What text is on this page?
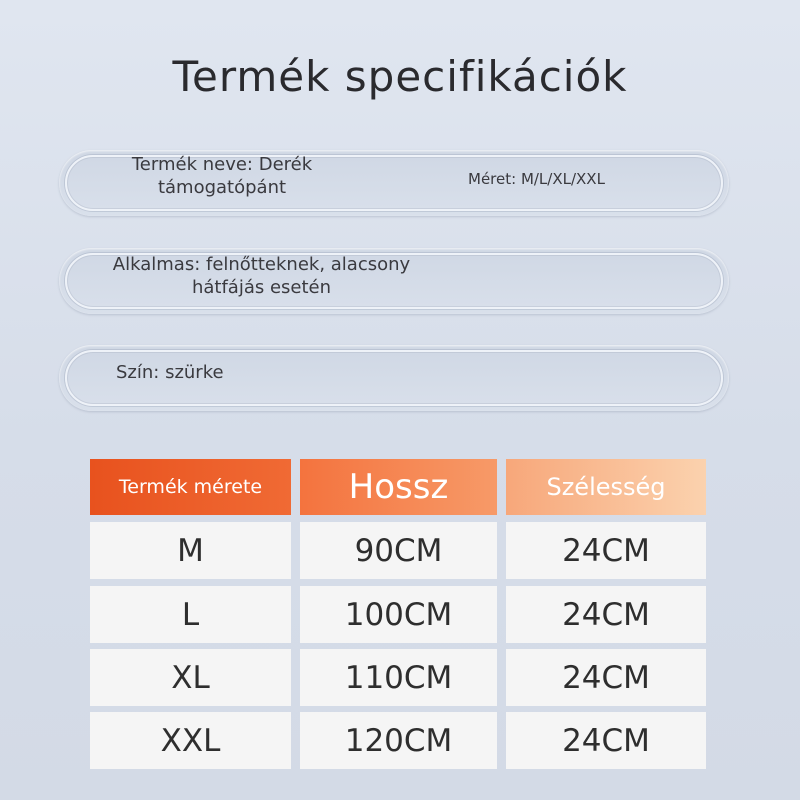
Termék specifikációk
Termék neve: Derék
támogatópánt	Méret: M/L/XL/XXL
Alkalmas: felnőtteknek, alacsony
hátfájás esetén
Szín: szürke
Termék mérete	Hossz	Szélesség
M	90CM	24CM
L	100CM	24CM
XL	110CM	24CM
XXL	120CM	24CM
